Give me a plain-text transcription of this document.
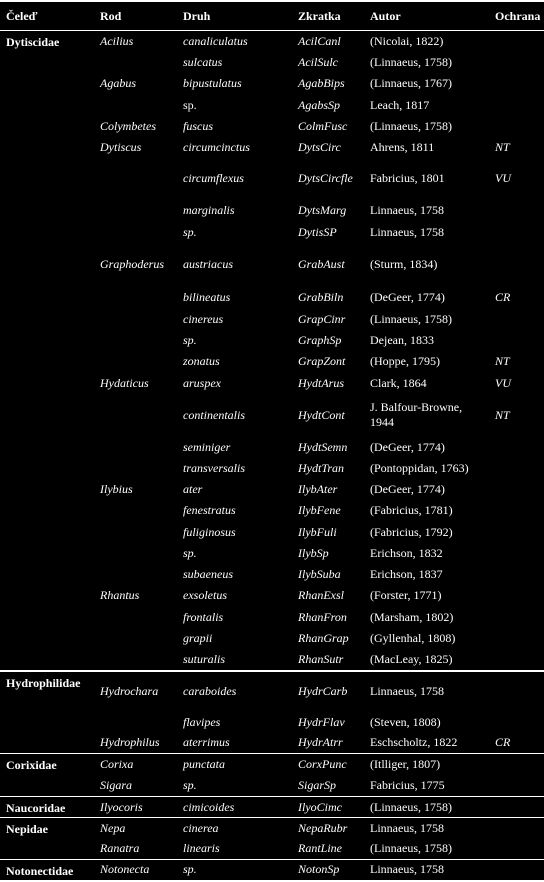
Čeleď	Rod	Druh	Zkratka	Autor	Ochrana
Dytiscidae	Acilius	canaliculatus	AcilCanl	(Nicolai, 1822)	
		sulcatus	AcilSulc	(Linnaeus, 1758)	
	Agabus	bipustulatus	AgabBips	(Linnaeus, 1767)	
		sp.	AgabsSp	Leach, 1817	
	Colymbetes	fuscus	ColmFusc	(Linnaeus, 1758)	
	Dytiscus	circumcinctus	DytsCirc	Ahrens, 1811	NT
		circumflexus	DytsCircfle	Fabricius, 1801	VU
		marginalis	DytsMarg	Linnaeus, 1758	
		sp.	DytisSP	Linnaeus, 1758	
	Graphoderus	austriacus	GrabAust	(Sturm, 1834)	
		bilineatus	GrabBiln	(DeGeer, 1774)	CR
		cinereus	GrapCinr	(Linnaeus, 1758)	
		sp.	GraphSp	Dejean, 1833	
		zonatus	GrapZont	(Hoppe, 1795)	NT
	Hydaticus	aruspex	HydtArus	Clark, 1864	VU
		continentalis	HydtCont	J. Balfour-Browne, 1944	NT
		seminiger	HydtSemn	(DeGeer, 1774)	
		transversalis	HydtTran	(Pontoppidan, 1763)	
	Ilybius	ater	IlybAter	(DeGeer, 1774)	
		fenestratus	IlybFene	(Fabricius, 1781)	
		fuliginosus	IlybFuli	(Fabricius, 1792)	
		sp.	IlybSp	Erichson, 1832	
		subaeneus	IlybSuba	Erichson, 1837	
	Rhantus	exsoletus	RhanExsl	(Forster, 1771)	
		frontalis	RhanFron	(Marsham, 1802)	
		grapii	RhanGrap	(Gyllenhal, 1808)	
		suturalis	RhanSutr	(MacLeay, 1825)	
Hydrophilidae	Hydrochara	caraboides	HydrCarb	Linnaeus, 1758	
		flavipes	HydrFlav	(Steven, 1808)	
	Hydrophilus	aterrimus	HydrAtrr	Eschscholtz, 1822	CR
Corixidae	Corixa	punctata	CorxPunc	(Itlliger, 1807)	
	Sigara	sp.	SigarSp	Fabricius, 1775	
Naucoridae	Ilyocoris	cimicoides	IlyoCimc	(Linnaeus, 1758)	
Nepidae	Nepa	cinerea	NepaRubr	Linnaeus, 1758	
	Ranatra	linearis	RantLine	(Linnaeus, 1758)	
Notonectidae	Notonecta	sp.	NotonSp	Linnaeus, 1758	
